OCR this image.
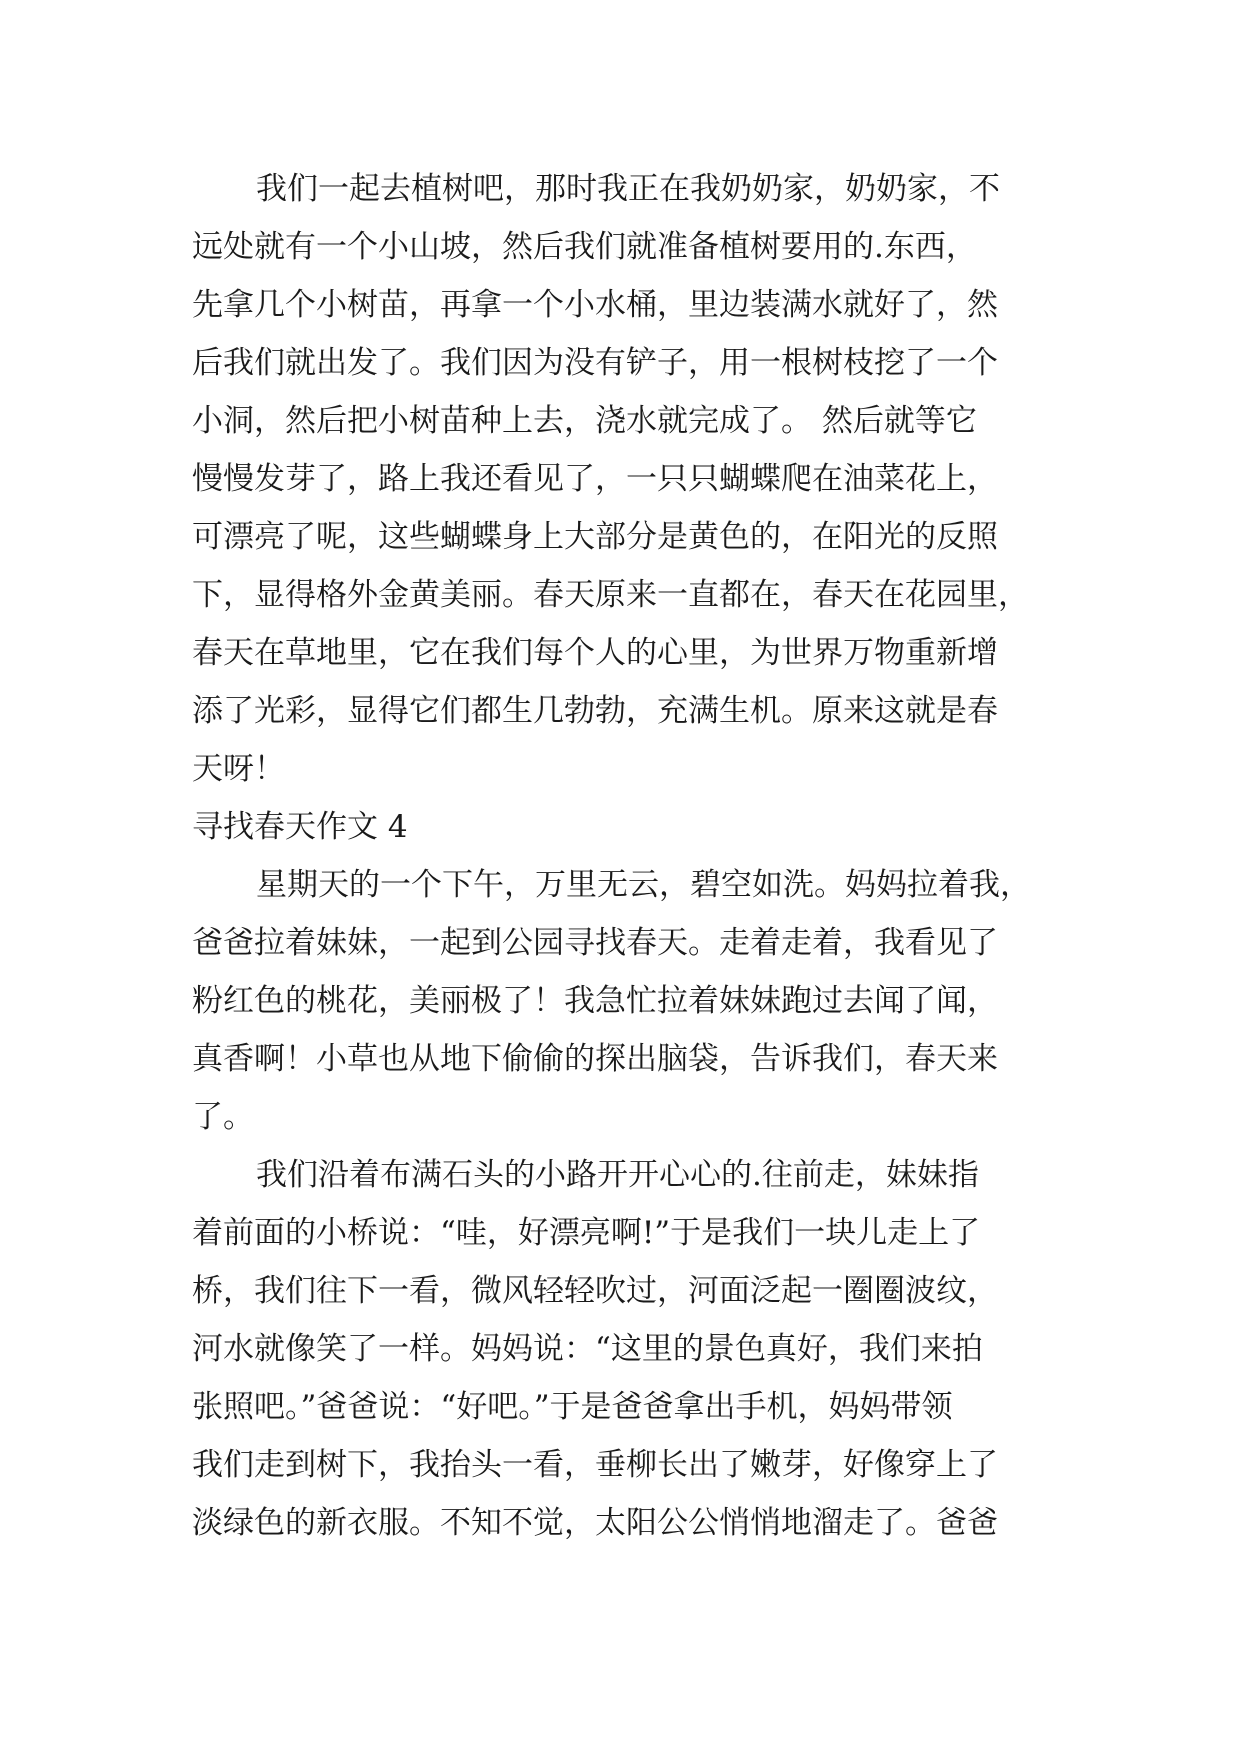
我们一起去植树吧，那时我正在我奶奶家，奶奶家，不
远处就有一个小山坡，然后我们就准备植树要用的.东西，
先拿几个小树苗，再拿一个小水桶，里边装满水就好了，然
后我们就出发了。我们因为没有铲子，用一根树枝挖了一个
小洞，然后把小树苗种上去，浇水就完成了。 然后就等它
慢慢发芽了，路上我还看见了，一只只蝴蝶爬在油菜花上，
可漂亮了呢，这些蝴蝶身上大部分是黄色的，在阳光的反照
下，显得格外金黄美丽。春天原来一直都在，春天在花园里，
春天在草地里，它在我们每个人的心里，为世界万物重新增
添了光彩，显得它们都生几勃勃，充满生机。原来这就是春
天呀！
寻找春天作文 4
星期天的一个下午，万里无云，碧空如洗。妈妈拉着我，
爸爸拉着妹妹，一起到公园寻找春天。走着走着，我看见了
粉红色的桃花，美丽极了！我急忙拉着妹妹跑过去闻了闻，
真香啊！小草也从地下偷偷的探出脑袋，告诉我们，春天来
了。
我们沿着布满石头的小路开开心心的.往前走，妹妹指
着前面的小桥说：“哇，好漂亮啊!”于是我们一块儿走上了
桥，我们往下一看，微风轻轻吹过，河面泛起一圈圈波纹，
河水就像笑了一样。妈妈说：“这里的景色真好，我们来拍
张照吧。”爸爸说：“好吧。”于是爸爸拿出手机，妈妈带领
我们走到树下，我抬头一看，垂柳长出了嫩芽，好像穿上了
淡绿色的新衣服。不知不觉，太阳公公悄悄地溜走了。爸爸
